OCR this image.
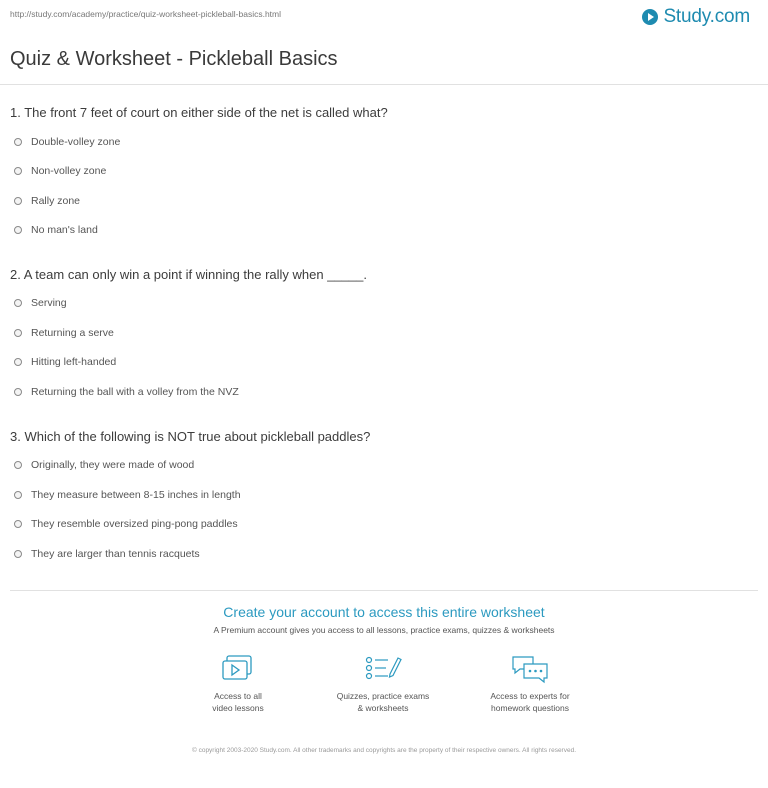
http://study.com/academy/practice/quiz-worksheet-pickleball-basics.html	Study.com
Quiz & Worksheet - Pickleball Basics
1. The front 7 feet of court on either side of the net is called what?
Double-volley zone
Non-volley zone
Rally zone
No man's land
2. A team can only win a point if winning the rally when _____.
Serving
Returning a serve
Hitting left-handed
Returning the ball with a volley from the NVZ
3. Which of the following is NOT true about pickleball paddles?
Originally, they were made of wood
They measure between 8-15 inches in length
They resemble oversized ping-pong paddles
They are larger than tennis racquets
Create your account to access this entire worksheet
A Premium account gives you access to all lessons, practice exams, quizzes & worksheets
Access to all
video lessons
Quizzes, practice exams
& worksheets
Access to experts for
homework questions
© copyright 2003-2020 Study.com. All other trademarks and copyrights are the property of their respective owners. All rights reserved.
